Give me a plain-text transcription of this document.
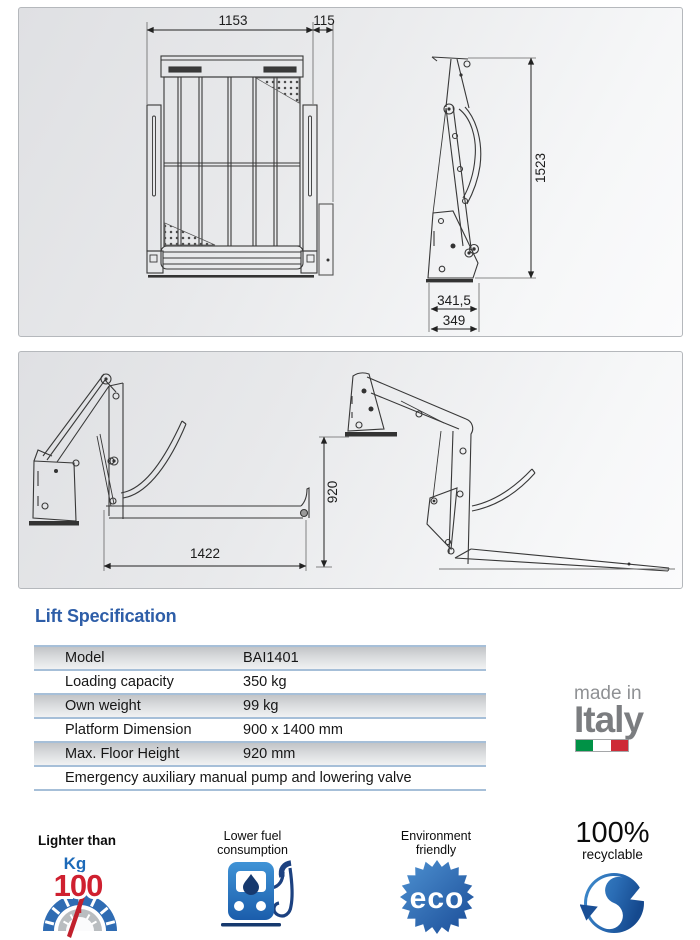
1153	115
1523
341,5
349
1422
920
Lift Specification
Model	BAI1401
Loading capacity	350 kg
Own weight	99 kg
Platform Dimension	900 x 1400 mm
Max. Floor Height	920 mm
Emergency auxiliary manual pump and lowering valve
made in
Italy
Lighter than
Kg
100
Lower fuel
consumption
Environment
friendly
eco
100%
recyclable
